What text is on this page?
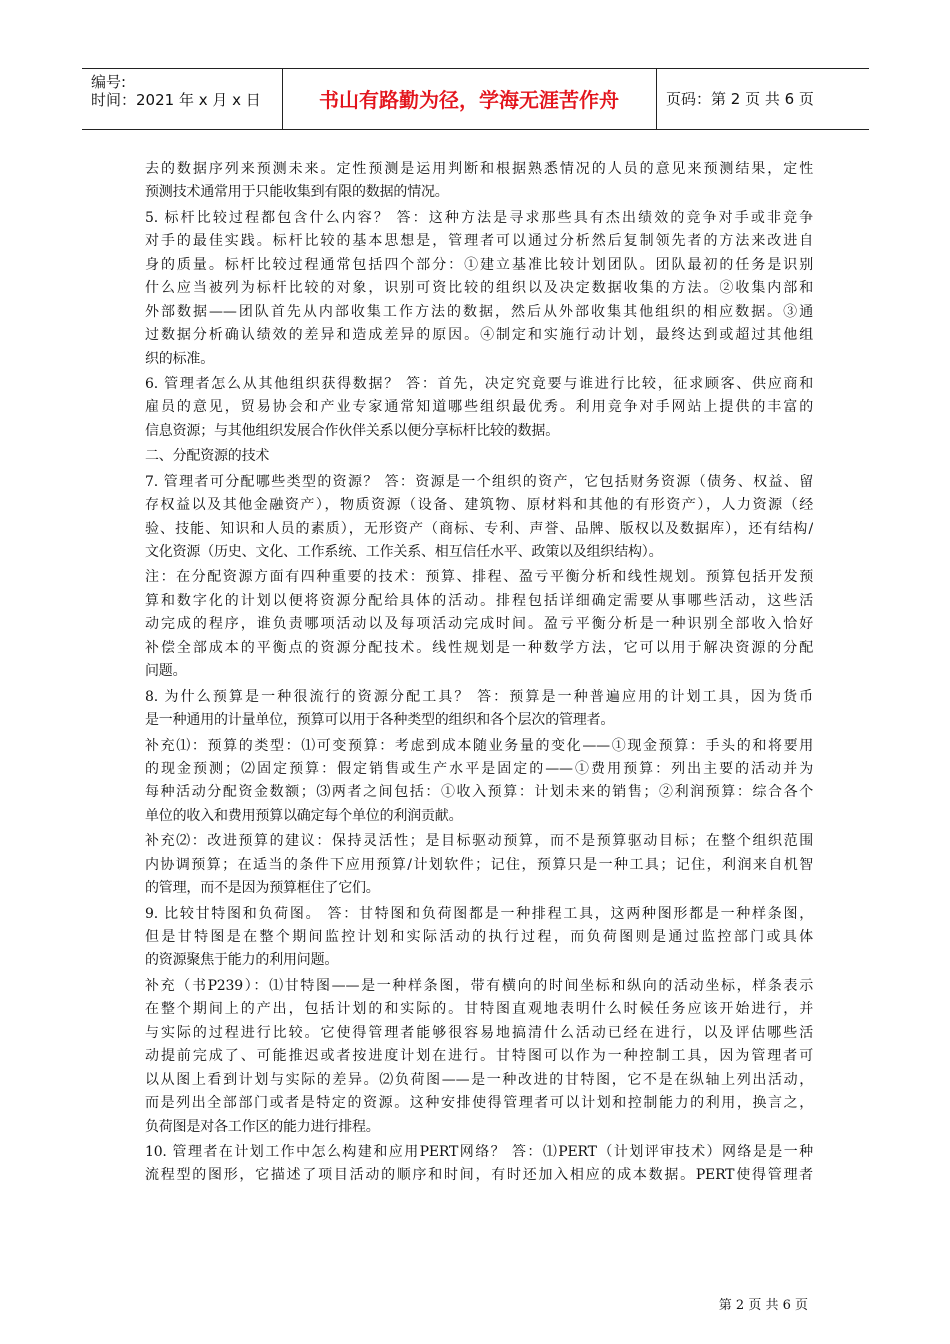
编号:
时间：2021 年 x 月 x 日	书山有路勤为径，学海无涯苦作舟	页码：第 2 页 共 6 页
去的数据序列来预测未来。定性预测是运用判断和根据熟悉情况的人员的意见来预测结果，定性
预测技术通常用于只能收集到有限的数据的情况。
5. 标杆比较过程都包含什么内容？ 答：这种方法是寻求那些具有杰出绩效的竞争对手或非竞争
对手的最佳实践。标杆比较的基本思想是，管理者可以通过分析然后复制领先者的方法来改进自
身的质量。标杆比较过程通常包括四个部分：①建立基准比较计划团队。团队最初的任务是识别
什么应当被列为标杆比较的对象，识别可资比较的组织以及决定数据收集的方法。②收集内部和
外部数据——团队首先从内部收集工作方法的数据，然后从外部收集其他组织的相应数据。③通
过数据分析确认绩效的差异和造成差异的原因。④制定和实施行动计划，最终达到或超过其他组
织的标准。
6. 管理者怎么从其他组织获得数据？ 答：首先，决定究竟要与谁进行比较，征求顾客、供应商和
雇员的意见，贸易协会和产业专家通常知道哪些组织最优秀。利用竞争对手网站上提供的丰富的
信息资源；与其他组织发展合作伙伴关系以便分享标杆比较的数据。
二、分配资源的技术
7. 管理者可分配哪些类型的资源？ 答：资源是一个组织的资产，它包括财务资源（债务、权益、留
存权益以及其他金融资产），物质资源（设备、建筑物、原材料和其他的有形资产），人力资源（经
验、技能、知识和人员的素质），无形资产（商标、专利、声誉、品牌、版权以及数据库），还有结构/
文化资源（历史、文化、工作系统、工作关系、相互信任水平、政策以及组织结构）。
注：在分配资源方面有四种重要的技术：预算、排程、盈亏平衡分析和线性规划。预算包括开发预
算和数字化的计划以便将资源分配给具体的活动。排程包括详细确定需要从事哪些活动，这些活
动完成的程序，谁负责哪项活动以及每项活动完成时间。盈亏平衡分析是一种识别全部收入恰好
补偿全部成本的平衡点的资源分配技术。线性规划是一种数学方法，它可以用于解决资源的分配
问题。
8. 为什么预算是一种很流行的资源分配工具？ 答：预算是一种普遍应用的计划工具，因为货币
是一种通用的计量单位，预算可以用于各种类型的组织和各个层次的管理者。
补充⑴：预算的类型：⑴可变预算：考虑到成本随业务量的变化——①现金预算：手头的和将要用
的现金预测；⑵固定预算：假定销售或生产水平是固定的——①费用预算：列出主要的活动并为
每种活动分配资金数额；⑶两者之间包括：①收入预算：计划未来的销售；②利润预算：综合各个
单位的收入和费用预算以确定每个单位的利润贡献。
补充⑵：改进预算的建议：保持灵活性；是目标驱动预算，而不是预算驱动目标；在整个组织范围
内协调预算；在适当的条件下应用预算/计划软件；记住，预算只是一种工具；记住，利润来自机智
的管理，而不是因为预算框住了它们。
9. 比较甘特图和负荷图。 答：甘特图和负荷图都是一种排程工具，这两种图形都是一种样条图，
但是甘特图是在整个期间监控计划和实际活动的执行过程，而负荷图则是通过监控部门或具体
的资源聚焦于能力的利用问题。
补充（书P239）：⑴甘特图——是一种样条图，带有横向的时间坐标和纵向的活动坐标，样条表示
在整个期间上的产出，包括计划的和实际的。甘特图直观地表明什么时候任务应该开始进行，并
与实际的过程进行比较。它使得管理者能够很容易地搞清什么活动已经在进行，以及评估哪些活
动提前完成了、可能推迟或者按进度计划在进行。甘特图可以作为一种控制工具，因为管理者可
以从图上看到计划与实际的差异。⑵负荷图——是一种改进的甘特图，它不是在纵轴上列出活动，
而是列出全部部门或者是特定的资源。这种安排使得管理者可以计划和控制能力的利用，换言之，
负荷图是对各工作区的能力进行排程。
10. 管理者在计划工作中怎么构建和应用PERT网络？ 答：⑴PERT（计划评审技术）网络是是一种
流程型的图形，它描述了项目活动的顺序和时间，有时还加入相应的成本数据。PERT使得管理者
第 2 页 共 6 页
